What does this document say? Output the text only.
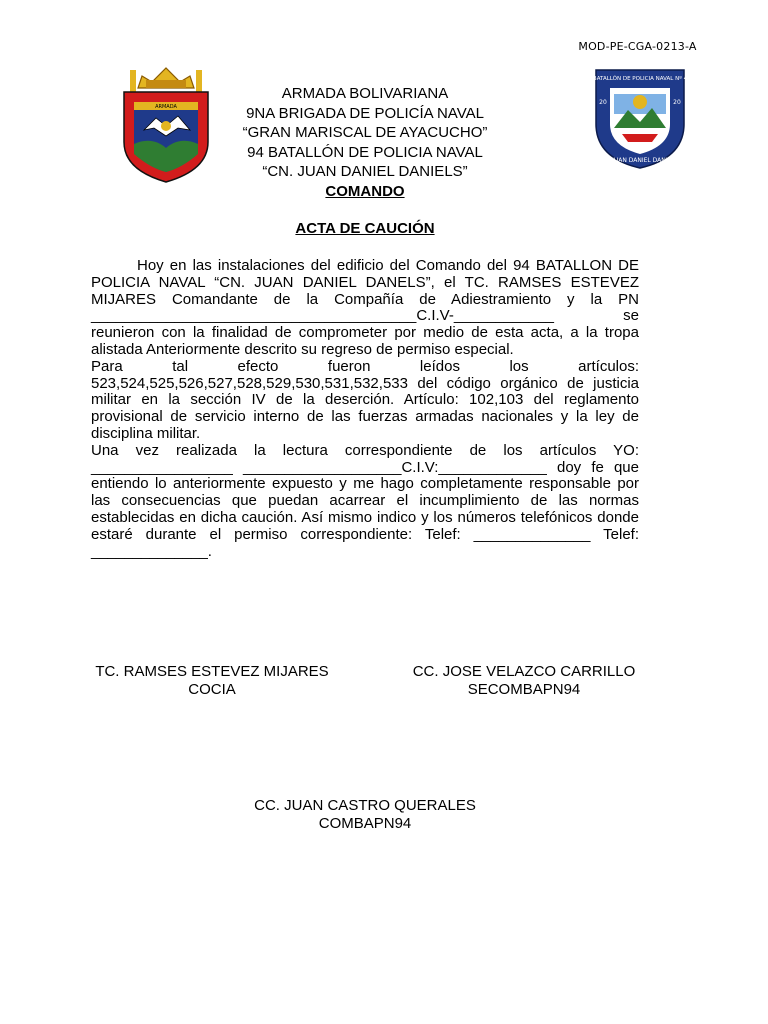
MOD-PE-CGA-0213-A
ARMADA
BATALLÓN DE POLICIA NAVAL Nº 4
20	20
CN JUAN DANIEL DANIELS
ARMADA BOLIVARIANA
9NA BRIGADA DE POLICÍA NAVAL
“GRAN MARISCAL DE AYACUCHO”
94 BATALLÓN DE POLICIA NAVAL
“CN. JUAN DANIEL DANIELS”
COMANDO
ACTA DE CAUCIÓN

Hoy en las instalaciones del edificio del Comando del 94 BATALLON DE POLICIA NAVAL “CN. JUAN DANIEL DANELS”, el TC. RAMSES ESTEVEZ MIJARES Comandante de la Compañía de Adiestramiento y la PN _______________________________________C.I.V-____________ se reunieron con la finalidad de comprometer por medio de esta acta, a la tropa alistada Anteriormente descrito su regreso de permiso especial.

Para tal efecto fueron leídos los artículos: 523,524,525,526,527,528,529,530,531,532,533 del código orgánico de justicia militar en la sección IV de la deserción. Artículo: 102,103 del reglamento provisional de servicio interno de las fuerzas armadas nacionales y la ley de disciplina militar.

Una vez realizada la lectura correspondiente de los artículos YO: _________________ ___________________C.I.V:_____________ doy fe que entiendo lo anteriormente expuesto y me hago completamente responsable por las consecuencias que puedan acarrear el incumplimiento de las normas establecidas en dicha caución. Así mismo indico y los números telefónicos donde estaré durante el permiso correspondiente: Telef: ______________ Telef: ______________.

TC. RAMSES ESTEVEZ MIJARES
COCIA
CC. JOSE VELAZCO CARRILLO
SECOMBAPN94
CC. JUAN CASTRO QUERALES
COMBAPN94
